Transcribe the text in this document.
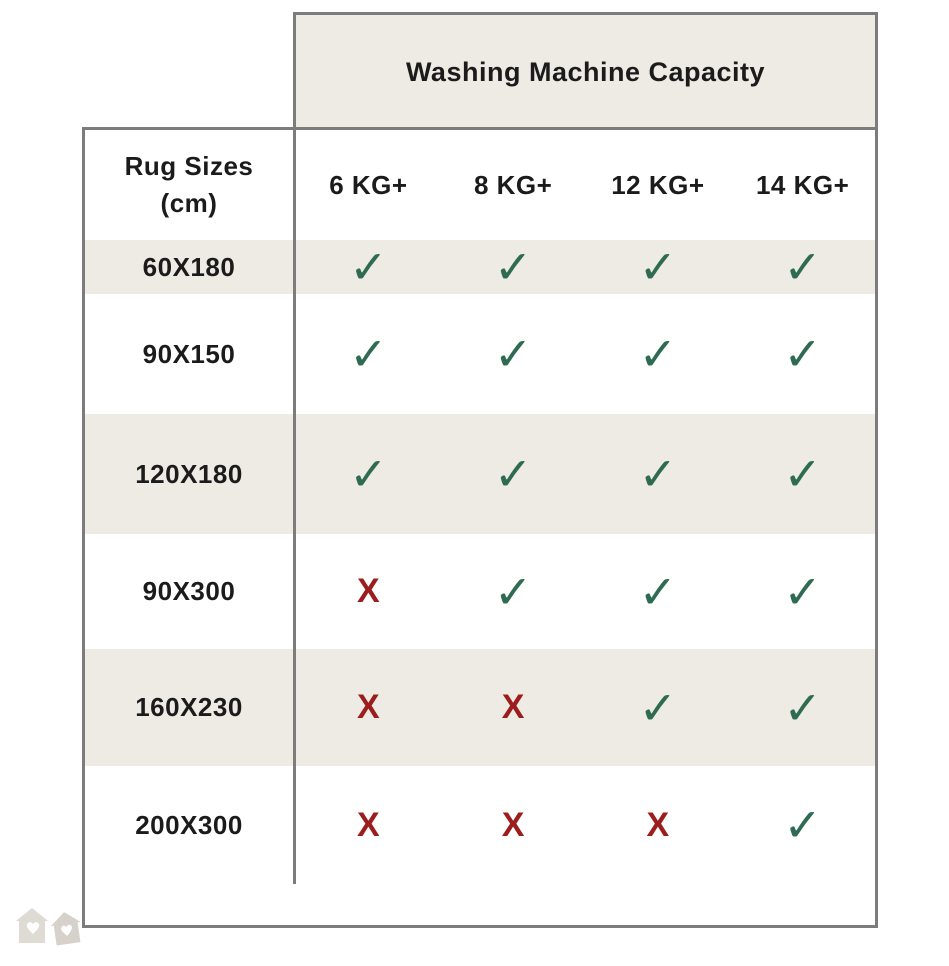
Washing Machine Capacity
Rug Sizes
(cm)
6 KG+	8 KG+	12 KG+	14 KG+
60X180	✓	✓	✓	✓
90X150	✓	✓	✓	✓
120X180	✓	✓	✓	✓
90X300	X	✓	✓	✓
160X230	X	X	✓	✓
200X300	X	X	X	✓
